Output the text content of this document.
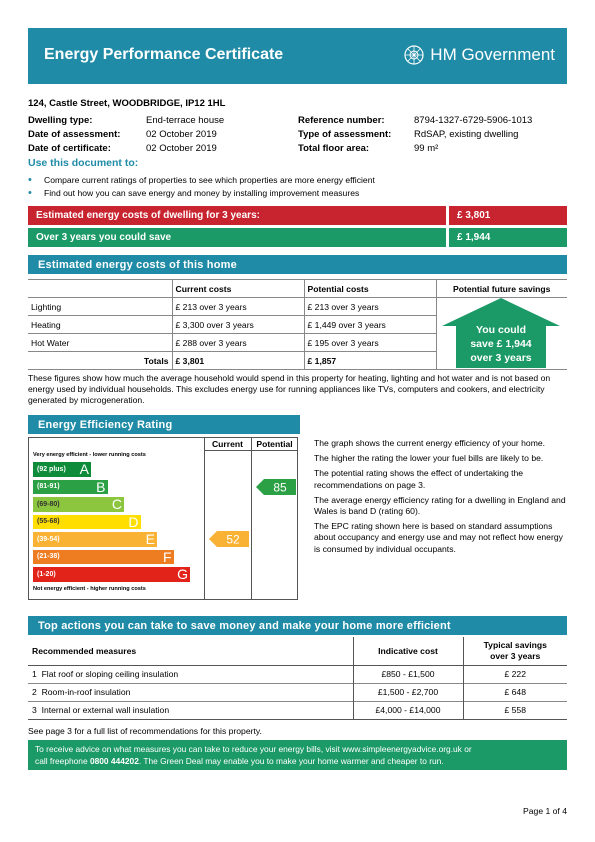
Energy Performance Certificate	HM Government
124, Castle Street, WOODBRIDGE, IP12 1HL
Dwelling type:	End-terrace house
Date of assessment:	02 October 2019
Date of certificate:	02 October 2019
Reference number:	8794-1327-6729-5906-1013
Type of assessment: RdSAP, existing dwelling
Total floor area:	99 m²
Use this document to:
• Compare current ratings of properties to see which properties are more energy efficient
• Find out how you can save energy and money by installing improvement measures
Estimated energy costs of dwelling for 3 years:	£ 3,801
Over 3 years you could save	£ 1,944
Estimated energy costs of this home
	Current costs	Potential costs	Potential future savings
Lighting	£ 213 over 3 years	£ 213 over 3 years	
Heating	£ 3,300 over 3 years	£ 1,449 over 3 years	
Hot Water	£ 288 over 3 years	£ 195 over 3 years	
Totals	£ 3,801	£ 1,857	
You could
save £ 1,944
over 3 years
These figures show how much the average household would spend in this property for heating, lighting and hot water and is not based on energy used by individual households. This excludes energy use for running appliances like TVs, computers and cookers, and electricity generated by microgeneration.
Energy Efficiency Rating
Current	Potential
Very energy efficient - lower running costs
(92 plus) A
(81-91)	B
(69-80)	C
(55-68)	D
(39-54)	E
(21-38)	F
(1-20)	G
Not energy efficient - higher running costs
52
85

The graph shows the current energy efficiency of your home.

The higher the rating the lower your fuel bills are likely to be.

The potential rating shows the effect of undertaking the recommendations on page 3.

The average energy efficiency rating for a dwelling in England and Wales is band D (rating 60).

The EPC rating shown here is based on standard assumptions about occupancy and energy use and may not reflect how energy is consumed by individual occupants.

Top actions you can take to save money and make your home more efficient
Recommended measures	Indicative cost	Typical savings over 3 years
1 Flat roof or sloping ceiling insulation	£850 - £1,500	£ 222
2 Room-in-roof insulation	£1,500 - £2,700	£ 648
3 Internal or external wall insulation	£4,000 - £14,000	£ 558
See page 3 for a full list of recommendations for this property.
To receive advice on what measures you can take to reduce your energy bills, visit www.simpleenergyadvice.org.uk or
call freephone 0800 444202. The Green Deal may enable you to make your home warmer and cheaper to run.
Page 1 of 4
